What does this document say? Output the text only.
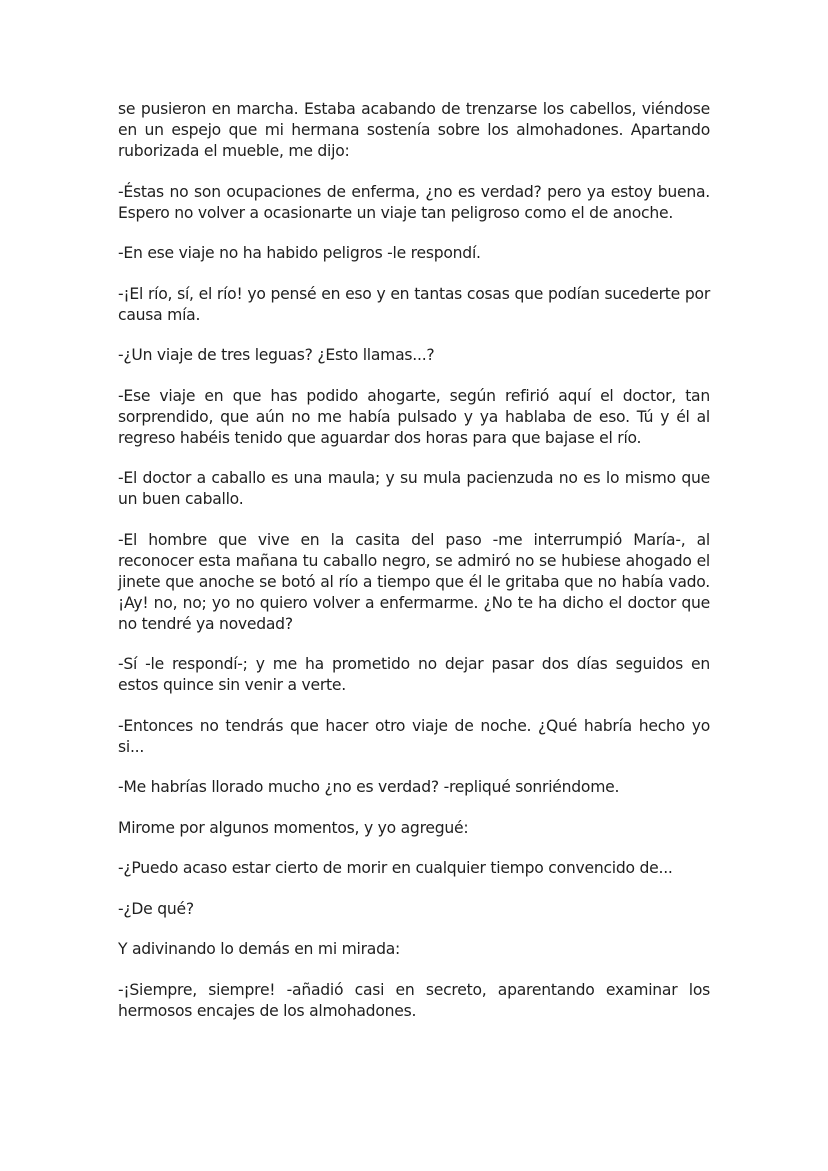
se pusieron en marcha. Estaba acabando de trenzarse los cabellos, viéndose en un espejo que mi hermana sostenía sobre los almohadones. Apartando ruborizada el mueble, me dijo:

-Éstas no son ocupaciones de enferma, ¿no es verdad? pero ya estoy buena. Espero no volver a ocasionarte un viaje tan peligroso como el de anoche.

-En ese viaje no ha habido peligros -le respondí.

-¡El río, sí, el río! yo pensé en eso y en tantas cosas que podían sucederte por causa mía.

-¿Un viaje de tres leguas? ¿Esto llamas...?

-Ese viaje en que has podido ahogarte, según refirió aquí el doctor, tan sorprendido, que aún no me había pulsado y ya hablaba de eso. Tú y él al regreso habéis tenido que aguardar dos horas para que bajase el río.

-El doctor a caballo es una maula; y su mula pacienzuda no es lo mismo que un buen caballo.

-El hombre que vive en la casita del paso -me interrumpió María-, al reconocer esta mañana tu caballo negro, se admiró no se hubiese ahogado el jinete que anoche se botó al río a tiempo que él le gritaba que no había vado. ¡Ay! no, no; yo no quiero volver a enfermarme. ¿No te ha dicho el doctor que no tendré ya novedad?

-Sí -le respondí-; y me ha prometido no dejar pasar dos días seguidos en estos quince sin venir a verte.

-Entonces no tendrás que hacer otro viaje de noche. ¿Qué habría hecho yo si...

-Me habrías llorado mucho ¿no es verdad? -repliqué sonriéndome.

Mirome por algunos momentos, y yo agregué:

-¿Puedo acaso estar cierto de morir en cualquier tiempo convencido de...

-¿De qué?

Y adivinando lo demás en mi mirada:

-¡Siempre, siempre! -añadió casi en secreto, aparentando examinar los hermosos encajes de los almohadones.
